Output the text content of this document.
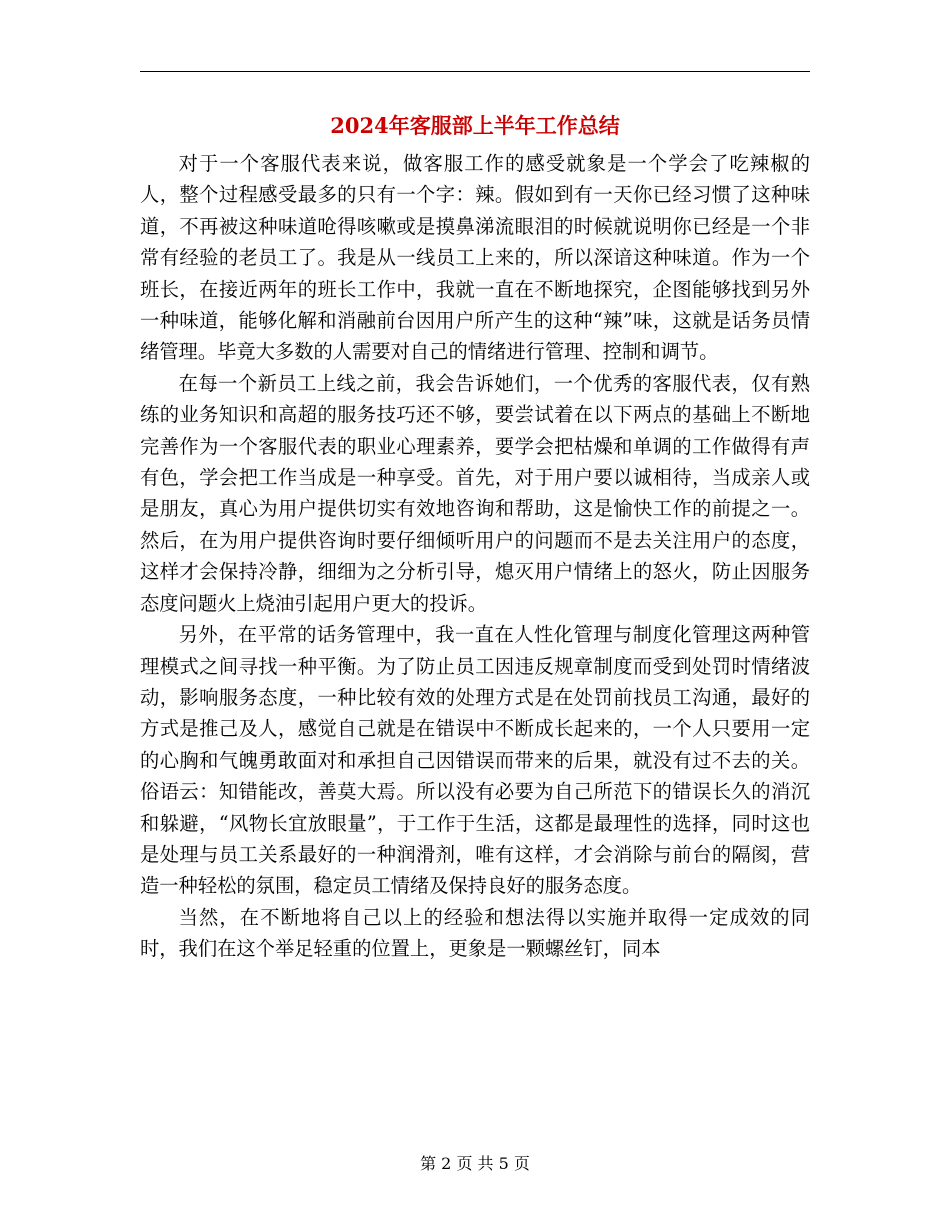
2024年客服部上半年工作总结

对于一个客服代表来说，做客服工作的感受就象是一个学会了吃辣椒的人，整个过程感受最多的只有一个字：辣。假如到有一天你已经习惯了这种味道，不再被这种味道呛得咳嗽或是摸鼻涕流眼泪的时候就说明你已经是一个非常有经验的老员工了。我是从一线员工上来的，所以深谙这种味道。作为一个班长，在接近两年的班长工作中，我就一直在不断地探究，企图能够找到另外一种味道，能够化解和消融前台因用户所产生的这种“辣”味，这就是话务员情绪管理。毕竟大多数的人需要对自己的情绪进行管理、控制和调节。

在每一个新员工上线之前，我会告诉她们，一个优秀的客服代表，仅有熟练的业务知识和高超的服务技巧还不够，要尝试着在以下两点的基础上不断地完善作为一个客服代表的职业心理素养，要学会把枯燥和单调的工作做得有声有色，学会把工作当成是一种享受。首先，对于用户要以诚相待，当成亲人或是朋友，真心为用户提供切实有效地咨询和帮助，这是愉快工作的前提之一。然后，在为用户提供咨询时要仔细倾听用户的问题而不是去关注用户的态度，这样才会保持冷静，细细为之分析引导，熄灭用户情绪上的怒火，防止因服务态度问题火上烧油引起用户更大的投诉。

另外，在平常的话务管理中，我一直在人性化管理与制度化管理这两种管理模式之间寻找一种平衡。为了防止员工因违反规章制度而受到处罚时情绪波动，影响服务态度，一种比较有效的处理方式是在处罚前找员工沟通，最好的方式是推己及人，感觉自己就是在错误中不断成长起来的，一个人只要用一定的心胸和气魄勇敢面对和承担自己因错误而带来的后果，就没有过不去的关。俗语云：知错能改，善莫大焉。所以没有必要为自己所范下的错误长久的消沉和躲避，“风物长宜放眼量”，于工作于生活，这都是最理性的选择，同时这也是处理与员工关系最好的一种润滑剂，唯有这样，才会消除与前台的隔阂，营造一种轻松的氛围，稳定员工情绪及保持良好的服务态度。

当然，在不断地将自己以上的经验和想法得以实施并取得一定成效的同时，我们在这个举足轻重的位置上，更象是一颗螺丝钉，同本

第 2 页 共 5 页
